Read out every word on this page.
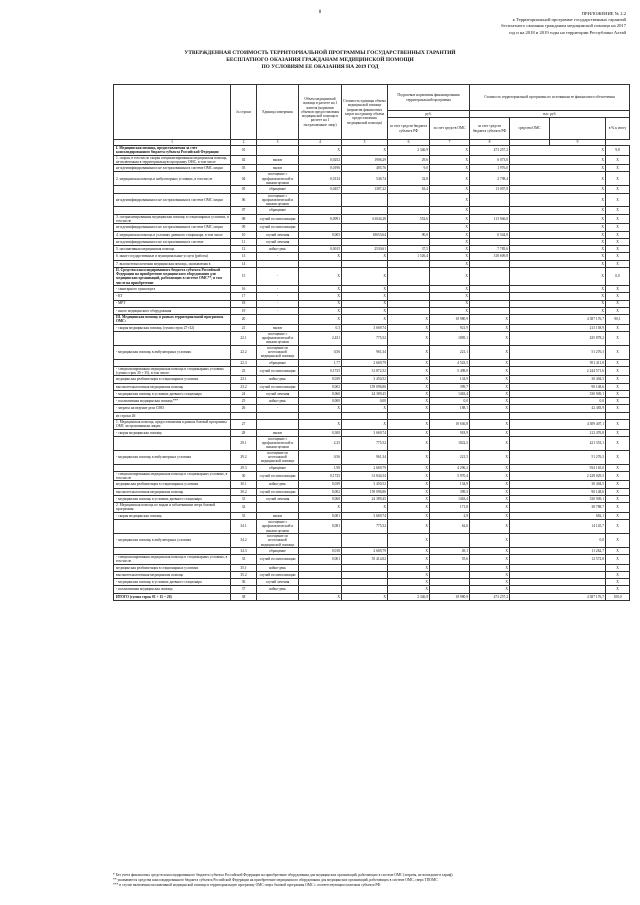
8	ПРИЛОЖЕНИЕ № 2.2
к Территориальной программе государственных гарантий
бесплатного оказания гражданам медицинской помощи на 2017
год и на 2018 и 2019 годы на территории Республики Алтай
УТВЕРЖДЕННАЯ СТОИМОСТЬ ТЕРРИТОРИАЛЬНОЙ ПРОГРАММЫ ГОСУДАРСТВЕННЫХ ГАРАНТИЙ
БЕСПЛАТНОГО ОКАЗАНИЯ ГРАЖДАНАМ МЕДИЦИНСКОЙ ПОМОЩИ
ПО УСЛОВИЯМ ЕЕ ОКАЗАНИЯ НА 2019 ГОД
	№ строки	Единица измерения	Объем медицинской помощи в расчете на 1 жителя (норматив объемов предоставления медицинской помощи в расчете на 1 застрахованное лицо)	Стоимость единицы объема медицинской помощи (норматив финансовых затрат на единицу объема предоставления медицинской помощи)	Подушевые нормативы финансирования территориальной программы		Стоимость территориальной программы по источникам ее финансового обеспечения			
					руб.		тыс. руб.			
					за счет средств бюджета субъекта РФ	за счет средств ОМС	за счет средств бюджета субъекта РФ	средства ОМС		в % к итогу
1	2	3	4	5	6	7	8		9	
I. Медицинская помощь, предоставляемая за счет консолидированного бюджета субъекта Российской Федерации	01		Х	Х	2 346,9	Х	473 257,2	Х		9,8
1. скорая, в том числе скорая специализированная медицинская помощь, не включенная в территориальную программу ОМС, в том числе	02	вызов	0,0252	1906,29	29,6	Х	6 073,0	Х		Х
не идентифицированным и не застрахованным в системе ОМС лицам	03	вызов	0,0196	485,76	9,0	Х	1 976,0	Х		Х
2. медицинская помощь в амбулаторных условиях, в том числе	04	посещение с профилактической и иными целями	0,0134	546,74	32,8	Х	2 798,4	Х		Х
	05	обращение	0,0457	1387,22	63,4	Х	13 007,8	Х		Х
не идентифицированным и не застрахованным в системе ОМС лицам	06	посещение с профилактической и иными целями				Х		Х		Х
	07	обращение				Х		Х		Х
3. специализированная медицинская помощь в стационарных условиях, в том числе	08	случай госпитализации	0,0091	61044,28	552,6	Х	113 946,0	Х		Х
не идентифицированным и не застрахованным в системе ОМС лицам	09	случай госпитализации				Х		Х		Х
4. медицинская помощь в условиях дневного стационара, в том числе	10	случай лечения	0,005	18653,64	90,0	Х	6 544,8	Х		Х
не идентифицированным и не застрахованным в системе	11	случай лечения				Х		Х		Х
5. паллиативная медицинская помощь	12	койко-день	0,0015	2530,61	37,5	Х	7 785,6	Х		Х
6. иные государственные и муниципальные услуги (работы)	13	-	Х	Х	1 526,4	Х	318 609,8	Х		Х
7. высокотехнологичная медицинская помощь, оказываемая в	14					Х		Х		Х
II. Средства консолидированного бюджета субъекта Российской Федерации на приобретение медицинского оборудования для медицинских организаций, работающих в системе ОМС**, в том числе на приобретение	15	-	Х	Х		Х		Х		0,0
- санитарного транспорта	16	-	Х	Х		Х		Х		Х
- КТ	17	-	Х	Х		Х		Х		Х
- МРТ	18	-	Х	Х		Х		Х		Х
- иного медицинского оборудования	19	-	Х	Х		Х		Х		Х
III. Медицинская помощь в рамках территориальной программы ОМС:	20		Х	Х	Х	18 980,9	Х	4 387 176,7		90,1
- скорая медицинская помощь (сумма строк 27+32)	21	вызов	0,3	3 669,74	Х	921,9	Х	213 158,9		Х
	22.1	посещение с профилактической и иными целями	2,431	775,52	Х	1885,1	Х	435 878,2		Х
- медицинская помощь в амбулаторных условиях	22.2	посещение по неотложной медицинской помощи	0,56	961,34	Х	221,1	Х	51 276,3		Х
	22.3	обращение	1,77	2 669,79	Х	4 543,5	Х	951 411,8		Х
- специализированная медицинская помощь в стационарных условиях (сумма строк 30 + 35), в том числе:	23	случай госпитализации	0,1725	31 872,52	Х	5 498,0	Х	2 244 571,6		Х
медицинская реабилитация в стационарных условиях	23.1	койко-день	0,039	3 450,52	Х	134,9	Х	30 404,5		Х
высокотехнологичная медицинская помощь	23.2	случай госпитализации	0,002	159 096,86	Х	399,7	Х	90 148,6		Х
- медицинская помощь в условиях дневного стационара	24	случай лечения	0,060	24 389,45	Х	1463,4	Х	330 949,1		Х
- паллиативная медицинская помощь***	25	койко-день	0,000	0,00	Х	0,0	Х	0,0		Х
- затраты на ведение дела СМО	26	-	Х	Х	Х	188,1	Х	42 483,9		Х
из строки 20:										
1. Медицинская помощь, предоставляемая в рамках базовой программы ОМС застрахованным лицам	27		Х	Х	Х	18 636,8	Х	4 309 407,1		Х
- скорая медицинская помощь	28	вызов	0,300	3 669,74	Х	918,9	Х	212 476,8		Х
	29.1	посещение с профилактической и иными целями	2,35	775,52	Х	1822,5	Х	421 353,1		Х
- медицинская помощь в амбулаторных условиях	29.2	посещение по неотложной медицинской помощи	0,56	961,34	Х	221,5	Х	51 276,3		Х
	29.3	обращение	1,98	2 669,79	Х	4 296,2	Х	934 165,0		Х
- специализированная медицинская помощь в стационарных условиях, в том числе	30	случай госпитализации	0,1725	31 844,54	Х	5 970,4	Х	2 228 029,5		Х
медицинская реабилитация в стационарных условиях	30.1	койко-день	0,039	3 450,52	Х	134,9	Х	30 404,5		Х
высокотехнологичная медицинская помощь	30.2	случай госпитализации	0,002	159 096,86	Х	399,3	Х	90 148,6		Х
- медицинская помощь в условиях дневного стационара	31	случай лечения	0,060	24 389,45	Х	1463,4	Х	330 949,1		Х
2. Медицинская помощь по видам и заболеваниям сверх базовой программы:	32		Х	Х	Х	171,8	Х	38 788,7		Х
- скорая медицинская помощь	33	вызов	0,001	3 669,74	Х	2,9	Х	682,1		Х
	34.1	посещение с профилактической и иными целями	0,081	775,52	Х	62,6	Х	14 145,7		Х
- медицинская помощь в амбулаторных условиях	34.2	посещение по неотложной медицинской помощи			Х		Х	0,0		Х
	34.3	обращение	0,018	2 669,79	Х	49,1	Х	11 262,7		Х
- специализированная медицинская помощь в стационарных условиях, в том числе	35	случай госпитализации	0,001	55 414,02	Х	55,6	Х	12 572,8		Х
медицинская реабилитация в стационарных условиях	35.1	койко-день			Х		Х			Х
высокотехнологичная медицинская помощь	35.2	случай госпитализации			Х		Х			Х
- медицинская помощь в условиях дневного стационара	36	случай лечения			Х		Х			Х
- паллиативная медицинская помощь	37	койко-день			Х		Х			Х
ИТОГО (сумма строк 01 + 15 + 20)	38		Х	Х	2 346,9	18 980,9	473 257,2	4 387 176,7		100,0
* Без учета финансовых средств консолидированного бюджета субъекта Российской Федерации на приобретение оборудования для медицинских организаций, работающих в системе ОМС (затраты, не вошедшие в тариф).
** указываются средства консолидированного бюджета субъекта Российской Федерации на приобретение медицинского оборудования для медицинских организаций, работающих в системе ОМС, сверх ТПОМС
*** в случае включения паллиативной медицинской помощи в территориальную программу ОМС сверх базовой программы ОМС с соответствующим платежом субъекта РФ.
